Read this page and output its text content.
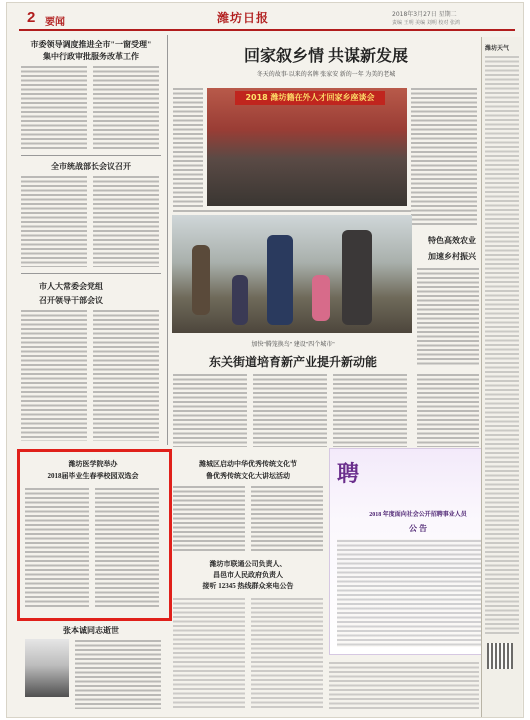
2 要闻	潍坊日报	2018年3月27日 星期二
责编 王明 美编 刘明 校对 张鸿
市委领导调度推进全市"一窗受理"
集中行政审批服务改革工作
全市统战部长会议召开
市人大常委会党组
召开领导干部会议
潍坊医学院举办
2018届毕业生春季校园双选会
张本诚同志逝世
回家叙乡情 共谋新发展
冬天的故事·以来的名牌 张家安 新的一年 为美的老城
2018 潍坊籍在外人才回家乡座谈会
特色高效农业
加速乡村振兴
加快"腾笼换鸟" 建设"四个城市"
东关街道培育新产业提升新动能
潍城区启动中华优秀传统文化节
鲁优秀传统文化大讲坛活动
潍坊市联通公司负责人、
昌邑市人民政府负责人
接听 12345 热线群众来电公告
聘
2018 年度面向社会公开招聘事业人员
公 告
潍坊天气
